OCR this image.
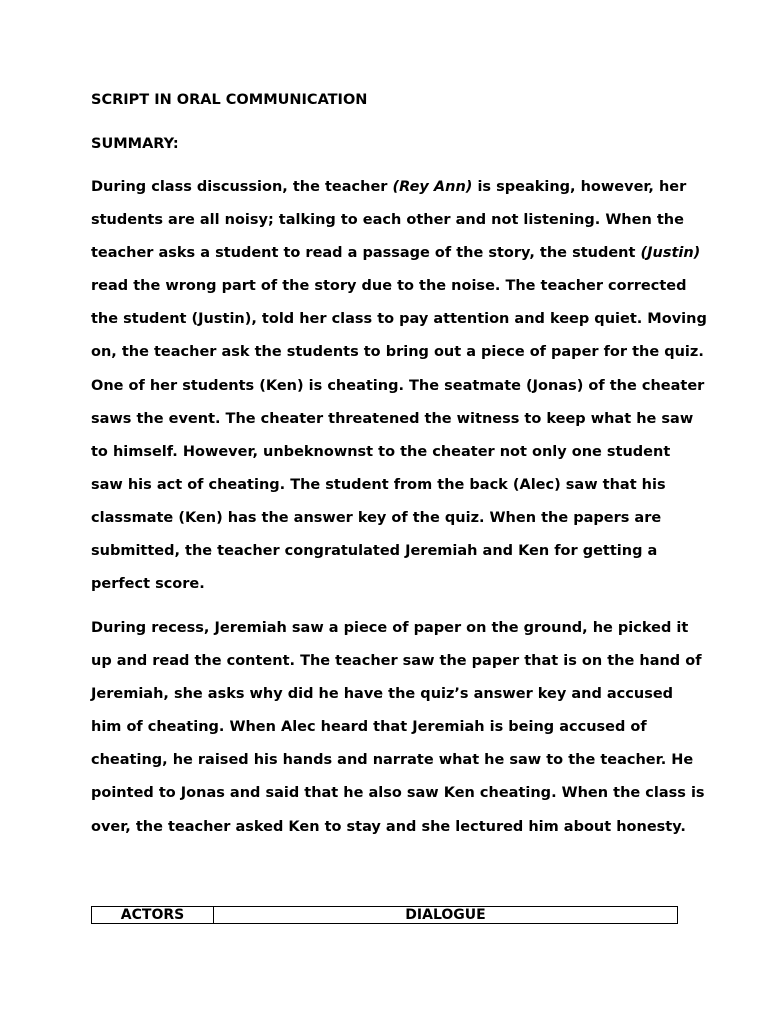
SCRIPT IN ORAL COMMUNICATION

SUMMARY:

During class discussion, the teacher (Rey Ann) is speaking, however, her
students are all noisy; talking to each other and not listening. When the
teacher asks a student to read a passage of the story, the student (Justin)
read the wrong part of the story due to the noise. The teacher corrected
the student (Justin), told her class to pay attention and keep quiet. Moving
on, the teacher ask the students to bring out a piece of paper for the quiz.
One of her students (Ken) is cheating. The seatmate (Jonas) of the cheater
saws the event. The cheater threatened the witness to keep what he saw
to himself. However, unbeknownst to the cheater not only one student
saw his act of cheating. The student from the back (Alec) saw that his
classmate (Ken) has the answer key of the quiz. When the papers are
submitted, the teacher congratulated Jeremiah and Ken for getting a
perfect score.

During recess, Jeremiah saw a piece of paper on the ground, he picked it
up and read the content. The teacher saw the paper that is on the hand of
Jeremiah, she asks why did he have the quiz’s answer key and accused
him of cheating. When Alec heard that Jeremiah is being accused of
cheating, he raised his hands and narrate what he saw to the teacher. He
pointed to Jonas and said that he also saw Ken cheating. When the class is
over, the teacher asked Ken to stay and she lectured him about honesty.

ACTORS	DIALOGUE
